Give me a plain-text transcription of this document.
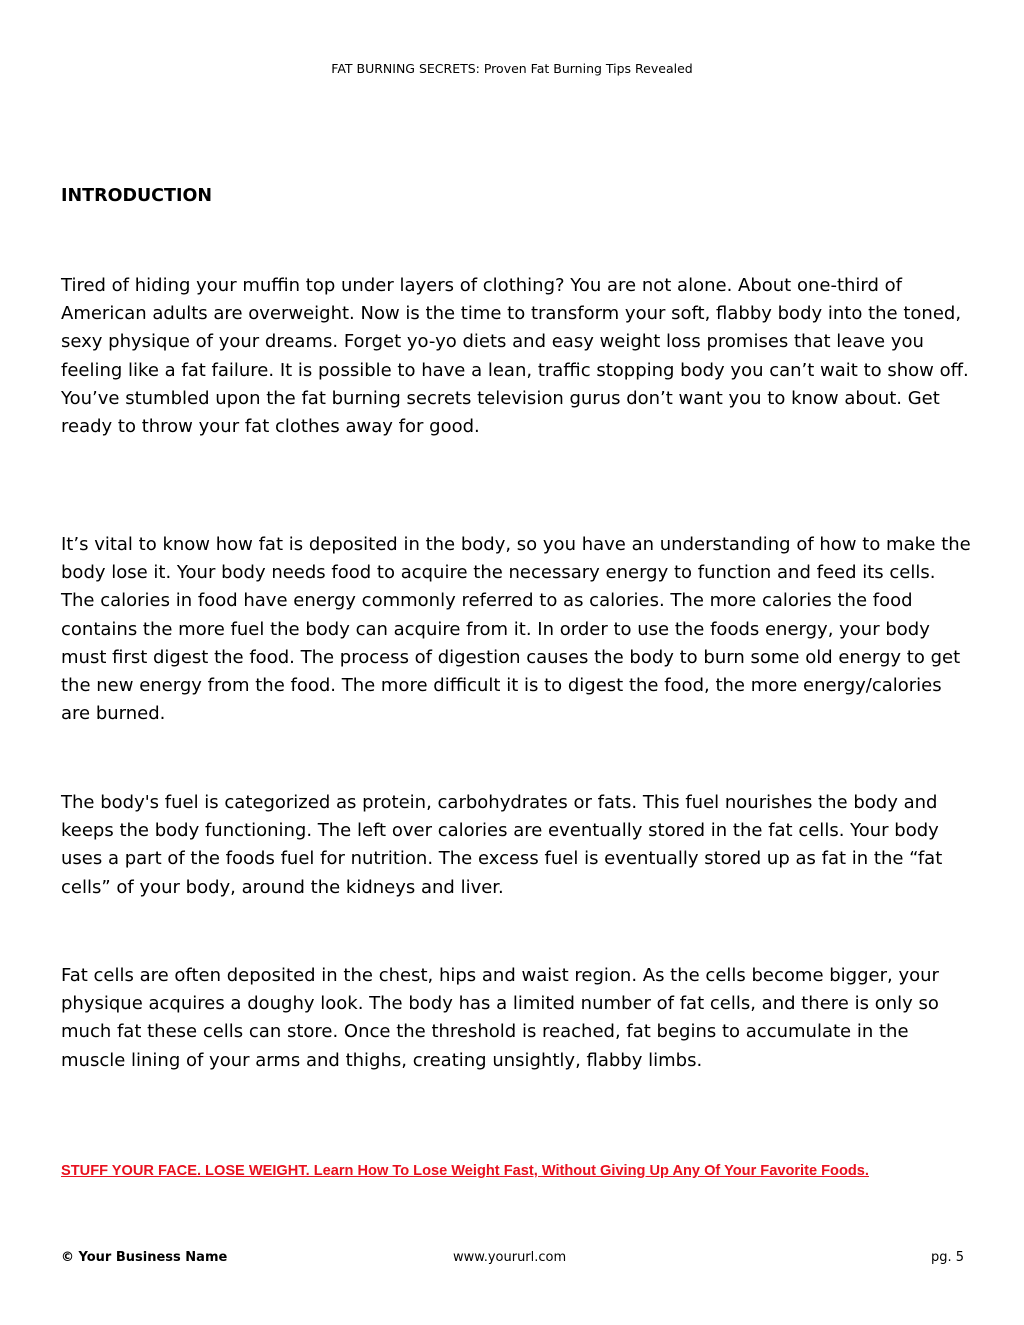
FAT BURNING SECRETS: Proven Fat Burning Tips Revealed
INTRODUCTION

Tired of hiding your muffin top under layers of clothing? You are not alone. About one-third of American adults are overweight. Now is the time to transform your soft, flabby body into the toned, sexy physique of your dreams. Forget yo-yo diets and easy weight loss promises that leave you feeling like a fat failure. It is possible to have a lean, traffic stopping body you can’t wait to show off. You’ve stumbled upon the fat burning secrets television gurus don’t want you to know about. Get ready to throw your fat clothes away for good.

It’s vital to know how fat is deposited in the body, so you have an understanding of how to make the body lose it. Your body needs food to acquire the necessary energy to function and feed its cells. The calories in food have energy commonly referred to as calories. The more calories the food contains the more fuel the body can acquire from it. In order to use the foods energy, your body must first digest the food. The process of digestion causes the body to burn some old energy to get the new energy from the food. The more difficult it is to digest the food, the more energy/calories are burned.

The body's fuel is categorized as protein, carbohydrates or fats. This fuel nourishes the body and keeps the body functioning. The left over calories are eventually stored in the fat cells. Your body uses a part of the foods fuel for nutrition. The excess fuel is eventually stored up as fat in the “fat cells” of your body, around the kidneys and liver.

Fat cells are often deposited in the chest, hips and waist region. As the cells become bigger, your physique acquires a doughy look. The body has a limited number of fat cells, and there is only so much fat these cells can store. Once the threshold is reached, fat begins to accumulate in the muscle lining of your arms and thighs, creating unsightly, flabby limbs.

STUFF YOUR FACE. LOSE WEIGHT. Learn How To Lose Weight Fast, Without Giving Up Any Of Your Favorite Foods.
© Your Business Name	www.yoururl.com	pg. 5
